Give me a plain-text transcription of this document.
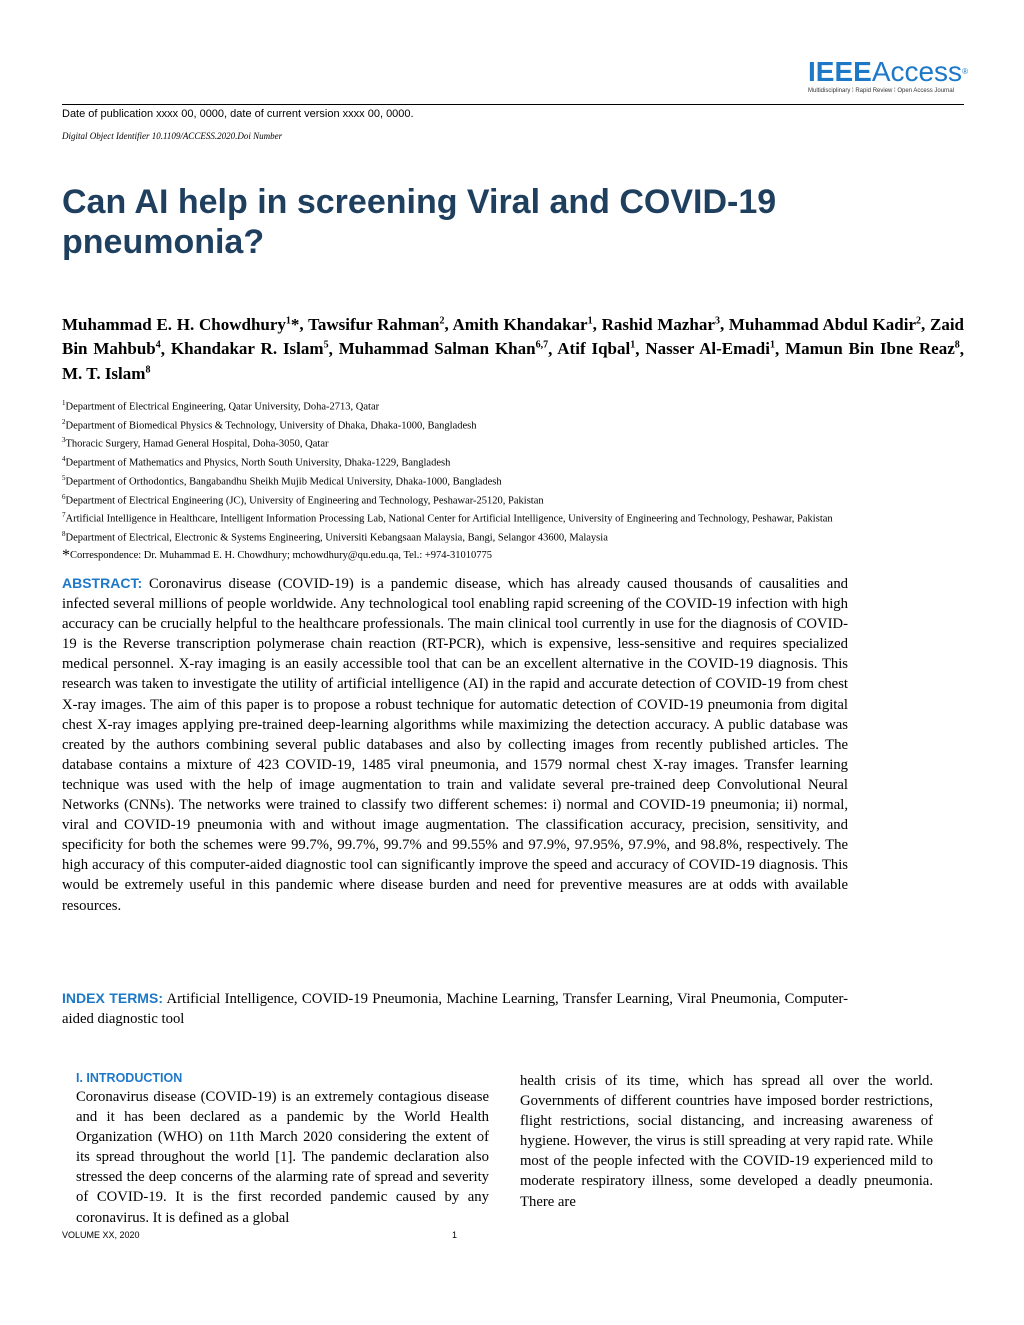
IEEEAccess®
Multidisciplinary ⁞ Rapid Review ⁞ Open Access Journal
Date of publication xxxx 00, 0000, date of current version xxxx 00, 0000.
Digital Object Identifier 10.1109/ACCESS.2020.Doi Number
Can AI help in screening Viral and COVID-19 pneumonia?
Muhammad E. H. Chowdhury$^1$*, Tawsifur Rahman$^2$, Amith Khandakar$^1$, Rashid Mazhar$^3$, Muhammad Abdul Kadir$^2$, Zaid Bin Mahbub$^4$, Khandakar R. Islam$^5$, Muhammad Salman Khan$^{6,7}$, Atif Iqbal$^1$, Nasser Al-Emadi$^1$, Mamun Bin Ibne Reaz$^8$, M. T. Islam$^8$
$^1$Department of Electrical Engineering, Qatar University, Doha-2713, Qatar
$^2$Department of Biomedical Physics & Technology, University of Dhaka, Dhaka-1000, Bangladesh
$^3$Thoracic Surgery, Hamad General Hospital, Doha-3050, Qatar
$^4$Department of Mathematics and Physics, North South University, Dhaka-1229, Bangladesh
$^5$Department of Orthodontics, Bangabandhu Sheikh Mujib Medical University, Dhaka-1000, Bangladesh
$^6$Department of Electrical Engineering (JC), University of Engineering and Technology, Peshawar-25120, Pakistan
$^7$Artificial Intelligence in Healthcare, Intelligent Information Processing Lab, National Center for Artificial Intelligence, University of Engineering and Technology, Peshawar, Pakistan
$^8$Department of Electrical, Electronic & Systems Engineering, Universiti Kebangsaan Malaysia, Bangi, Selangor 43600, Malaysia
*Correspondence: Dr. Muhammad E. H. Chowdhury; mchowdhury@qu.edu.qa, Tel.: +974-31010775
ABSTRACT: Coronavirus disease (COVID-19) is a pandemic disease, which has already caused thousands of causalities and infected several millions of people worldwide. Any technological tool enabling rapid screening of the COVID-19 infection with high accuracy can be crucially helpful to the healthcare professionals. The main clinical tool currently in use for the diagnosis of COVID-19 is the Reverse transcription polymerase chain reaction (RT-PCR), which is expensive, less-sensitive and requires specialized medical personnel. X-ray imaging is an easily accessible tool that can be an excellent alternative in the COVID-19 diagnosis. This research was taken to investigate the utility of artificial intelligence (AI) in the rapid and accurate detection of COVID-19 from chest X-ray images. The aim of this paper is to propose a robust technique for automatic detection of COVID-19 pneumonia from digital chest X-ray images applying pre-trained deep-learning algorithms while maximizing the detection accuracy. A public database was created by the authors combining several public databases and also by collecting images from recently published articles. The database contains a mixture of 423 COVID-19, 1485 viral pneumonia, and 1579 normal chest X-ray images. Transfer learning technique was used with the help of image augmentation to train and validate several pre-trained deep Convolutional Neural Networks (CNNs). The networks were trained to classify two different schemes: i) normal and COVID-19 pneumonia; ii) normal, viral and COVID-19 pneumonia with and without image augmentation. The classification accuracy, precision, sensitivity, and specificity for both the schemes were 99.7%, 99.7%, 99.7% and 99.55% and 97.9%, 97.95%, 97.9%, and 98.8%, respectively. The high accuracy of this computer-aided diagnostic tool can significantly improve the speed and accuracy of COVID-19 diagnosis. This would be extremely useful in this pandemic where disease burden and need for preventive measures are at odds with available resources.
INDEX TERMS: Artificial Intelligence, COVID-19 Pneumonia, Machine Learning, Transfer Learning, Viral Pneumonia, Computer-aided diagnostic tool
I. INTRODUCTION
Coronavirus disease (COVID-19) is an extremely contagious disease and it has been declared as a pandemic by the World Health Organization (WHO) on 11th March 2020 considering the extent of its spread throughout the world [1]. The pandemic declaration also stressed the deep concerns of the alarming rate of spread and severity of COVID-19. It is the first recorded pandemic caused by any coronavirus. It is defined as a global
health crisis of its time, which has spread all over the world. Governments of different countries have imposed border restrictions, flight restrictions, social distancing, and increasing awareness of hygiene. However, the virus is still spreading at very rapid rate. While most of the people infected with the COVID-19 experienced mild to moderate respiratory illness, some developed a deadly pneumonia. There are
VOLUME XX, 2020	1
